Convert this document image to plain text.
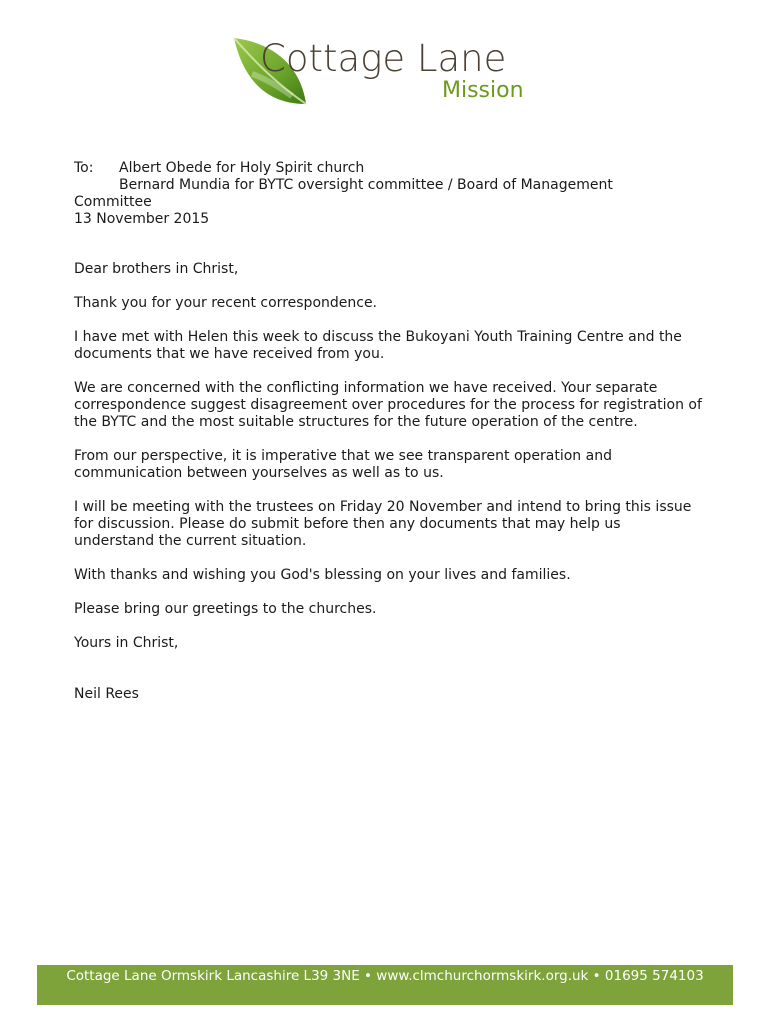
Cottage Lane
Mission
To: Albert Obede for Holy Spirit church
Bernard Mundia for BYTC oversight committee / Board of Management
Committee
13 November 2015
Dear brothers in Christ,
Thank you for your recent correspondence.
I have met with Helen this week to discuss the Bukoyani Youth Training Centre and the documents that we have received from you.
We are concerned with the conflicting information we have received. Your separate correspondence suggest disagreement over procedures for the process for registration of the BYTC and the most suitable structures for the future operation of the centre.
From our perspective, it is imperative that we see transparent operation and communication between yourselves as well as to us.
I will be meeting with the trustees on Friday 20 November and intend to bring this issue for discussion. Please do submit before then any documents that may help us understand the current situation.
With thanks and wishing you God's blessing on your lives and families.
Please bring our greetings to the churches.
Yours in Christ,
Neil Rees
Cottage Lane Ormskirk Lancashire L39 3NE • www.clmchurchormskirk.org.uk • 01695 574103
